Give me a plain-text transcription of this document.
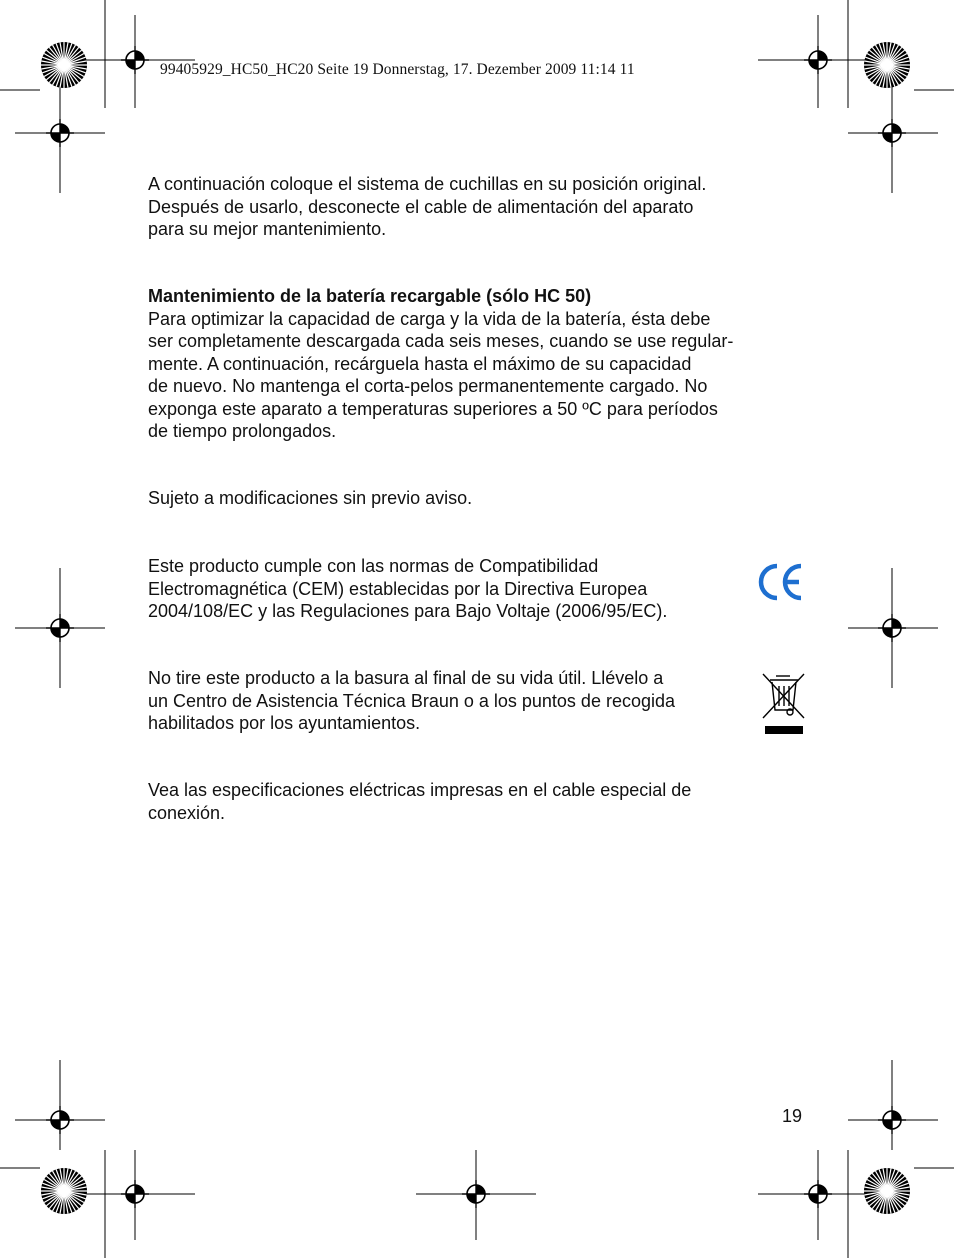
99405929_HC50_HC20 Seite 19 Donnerstag, 17. Dezember 2009 11:14 11
A continuación coloque el sistema de cuchillas en su posición original.
Después de usarlo, desconecte el cable de alimentación del aparato
para su mejor mantenimiento.
Mantenimiento de la batería recargable (sólo HC 50)
Para optimizar la capacidad de carga y la vida de la batería, ésta debe
ser completamente descargada cada seis meses, cuando se use regular-
mente. A continuación, recárguela hasta el máximo de su capacidad
de nuevo. No mantenga el corta-pelos permanentemente cargado. No
exponga este aparato a temperaturas superiores a 50 ºC para períodos
de tiempo prolongados.
Sujeto a modificaciones sin previo aviso.
Este producto cumple con las normas de Compatibilidad
Electromagnética (CEM) establecidas por la Directiva Europea
2004/108/EC y las Regulaciones para Bajo Voltaje (2006/95/EC).
No tire este producto a la basura al final de su vida útil. Llévelo a
un Centro de Asistencia Técnica Braun o a los puntos de recogida
habilitados por los ayuntamientos.
Vea las especificaciones eléctricas impresas en el cable especial de
conexión.
19
